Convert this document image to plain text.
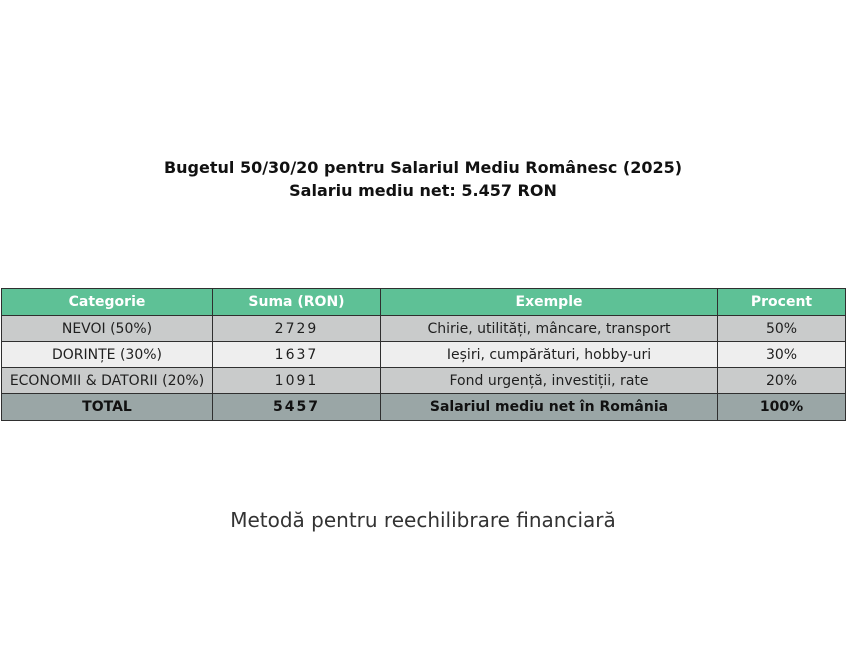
Bugetul 50/30/20 pentru Salariul Mediu Românesc (2025)
Salariu mediu net: 5.457 RON
Categorie	Suma (RON)	Exemple	Procent
NEVOI (50%)	2729	Chirie, utilități, mâncare, transport	50%
DORINȚE (30%)	1637	Ieșiri, cumpărături, hobby-uri	30%
ECONOMII & DATORII (20%)	1091	Fond urgență, investiții, rate	20%
TOTAL	5457	Salariul mediu net în România	100%
Metodă pentru reechilibrare financiară
